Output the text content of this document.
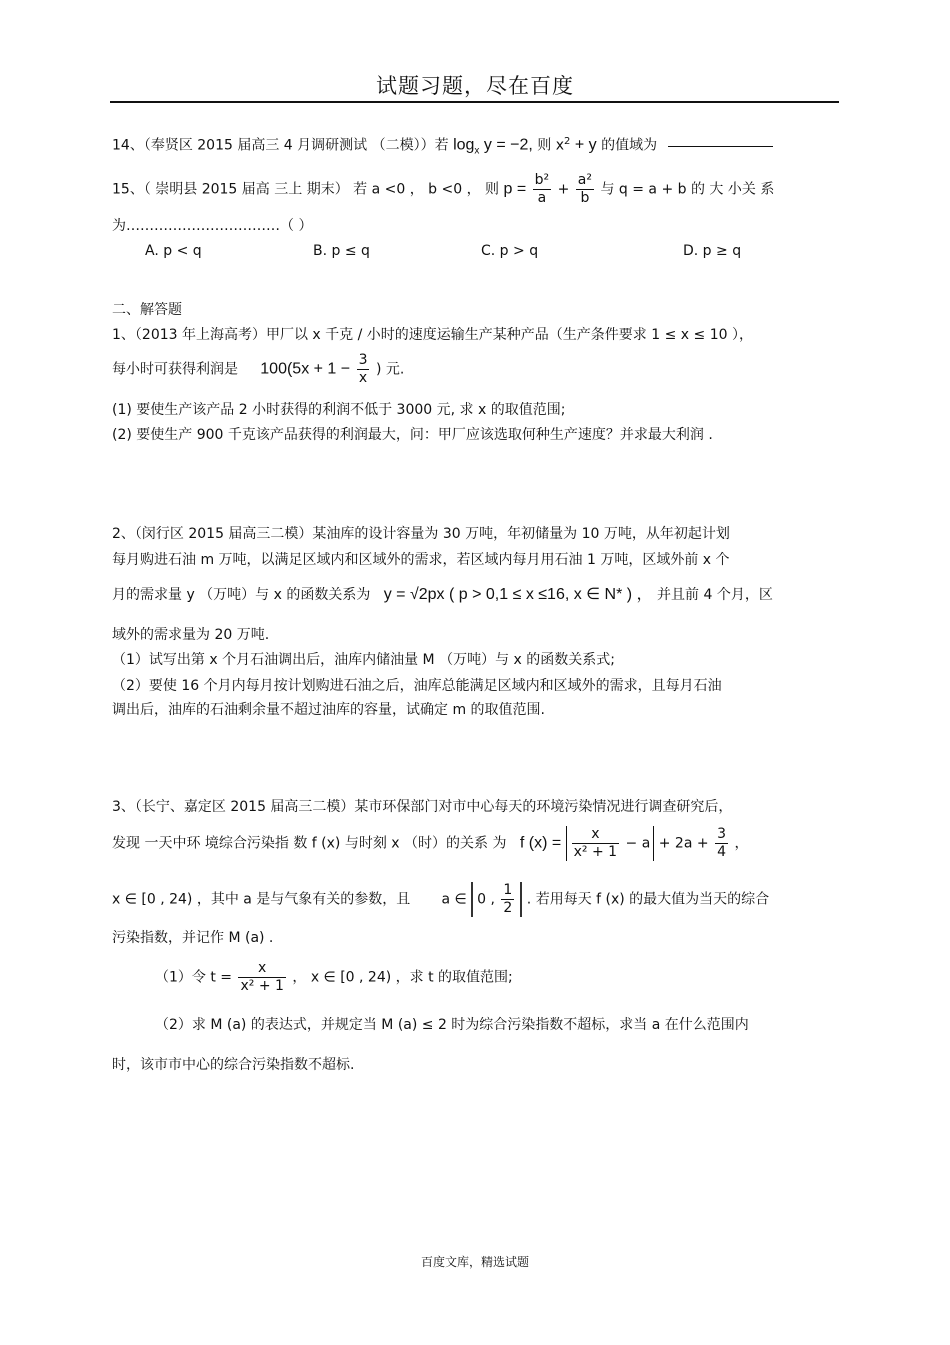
试题习题，尽在百度
14、（奉贤区 2015 届高三 4 月调研测试 （二模））若 $\log_x y = -2$, 则 $x^2 + y$ 的值域为
15、（ 崇明县 2015 届高 三上 期末） 若 a <0 ， b <0 ， 则 $p = \frac{\text{b²}}{a} + \frac{\text{a²}}{b}$ 与 q = a + b 的 大 小关 系
为……………………………（ ）
A. p < q	B. p ≤ q	C. p > q	D. p ≥ q
二、解答题
1、（2013 年上海高考）甲厂以 x 千克 / 小时的速度运输生产某种产品（生产条件要求 1 ≤ x ≤ 10 ），
每小时可获得利润是 $100(5x + 1 - \frac{3}{x}$ ) 元.
(1) 要使生产该产品 2 小时获得的利润不低于 3000 元, 求 x 的取值范围;
(2) 要使生产 900 千克该产品获得的利润最大，问：甲厂应该选取何种生产速度？并求最大利润 .
2、（闵行区 2015 届高三二模）某油库的设计容量为 30 万吨，年初储量为 10 万吨，从年初起计划
每月购进石油 m 万吨，以满足区域内和区域外的需求，若区域内每月用石油 1 万吨，区域外前 x 个
月的需求量 y （万吨）与 x 的函数关系为 y = √2px ( p > 0,1 ≤ x ≤16, x ∈ N* ) ， 并且前 4 个月，区
域外的需求量为 20 万吨.
（1）试写出第 x 个月石油调出后，油库内储油量 M （万吨）与 x 的函数关系式;
（2）要使 16 个月内每月按计划购进石油之后，油库总能满足区域内和区域外的需求，且每月石油
调出后，油库的石油剩余量不超过油库的容量，试确定 m 的取值范围.
3、（长宁、嘉定区 2015 届高三二模）某市环保部门对市中心每天的环境污染情况进行调查研究后，
发现 一天中环 境综合污染指 数 f (x) 与时刻 x （时）的关系 为 f $(x) = \frac{x}{\text{x² + 1}} - a + 2a + \frac{3}{4}$ ，
x ∈ [0 , 24) ，其中 a 是与气象有关的参数，且 a ∈ 0 , $\frac{1}{2}$ . 若用每天 f (x) 的最大值为当天的综合
污染指数，并记作 M (a) .
（1）令 $t = \frac{x}{\text{x² + 1}}$ ， x ∈ [0 , 24) ，求 t 的取值范围;
（2）求 M (a) 的表达式，并规定当 M (a) ≤ 2 时为综合污染指数不超标，求当 a 在什么范围内
时，该市市中心的综合污染指数不超标.
百度文库，精选试题
